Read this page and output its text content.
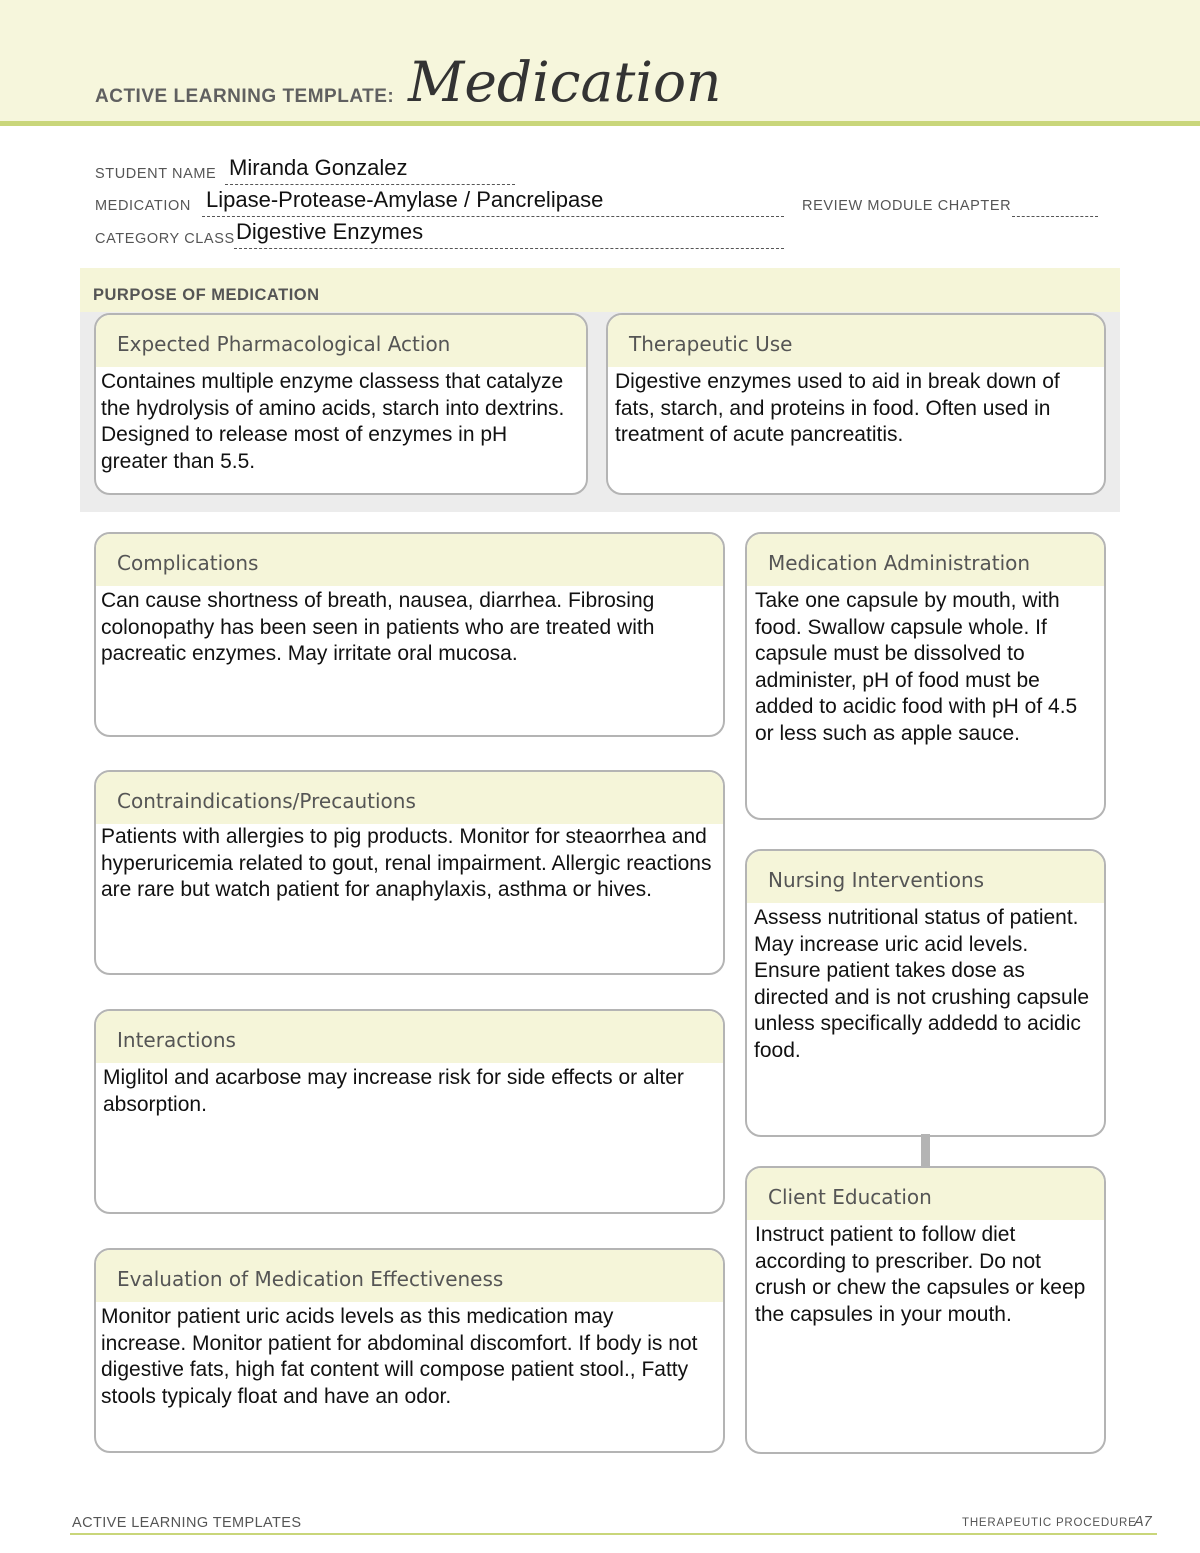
ACTIVE LEARNING TEMPLATE: Medication
STUDENT NAME Miranda Gonzalez
MEDICATION Lipase-Protease-Amylase / Pancrelipase	REVIEW MODULE CHAPTER
CATEGORY CLASS Digestive Enzymes
PURPOSE OF MEDICATION
Expected Pharmacological Action
Containes multiple enzyme classess that catalyze the hydrolysis of amino acids, starch into dextrins. Designed to release most of enzymes in pH greater than 5.5.
Therapeutic Use
Digestive enzymes used to aid in break down of fats, starch, and proteins in food. Often used in treatment of acute pancreatitis.
Complications
Can cause shortness of breath, nausea, diarrhea. Fibrosing colonopathy has been seen in patients who are treated with pacreatic enzymes. May irritate oral mucosa.
Contraindications/Precautions
Patients with allergies to pig products. Monitor for steaorrhea and hyperuricemia related to gout, renal impairment. Allergic reactions are rare but watch patient for anaphylaxis, asthma or hives.
Interactions
Miglitol and acarbose may increase risk for side effects or alter absorption.
Evaluation of Medication Effectiveness
Monitor patient uric acids levels as this medication may increase. Monitor patient for abdominal discomfort. If body is not digestive fats, high fat content will compose patient stool., Fatty stools typicaly float and have an odor.
Medication Administration
Take one capsule by mouth, with food. Swallow capsule whole. If capsule must be dissolved to administer, pH of food must be added to acidic food with pH of 4.5 or less such as apple sauce.
Nursing Interventions
Assess nutritional status of patient. May increase uric acid levels. Ensure patient takes dose as directed and is not crushing capsule unless specifically addedd to acidic food.
Client Education
Instruct patient to follow diet according to prescriber. Do not crush or chew the capsules or keep the capsules in your mouth.
ACTIVE LEARNING TEMPLATES	THERAPEUTIC PROCEDURE
A7
